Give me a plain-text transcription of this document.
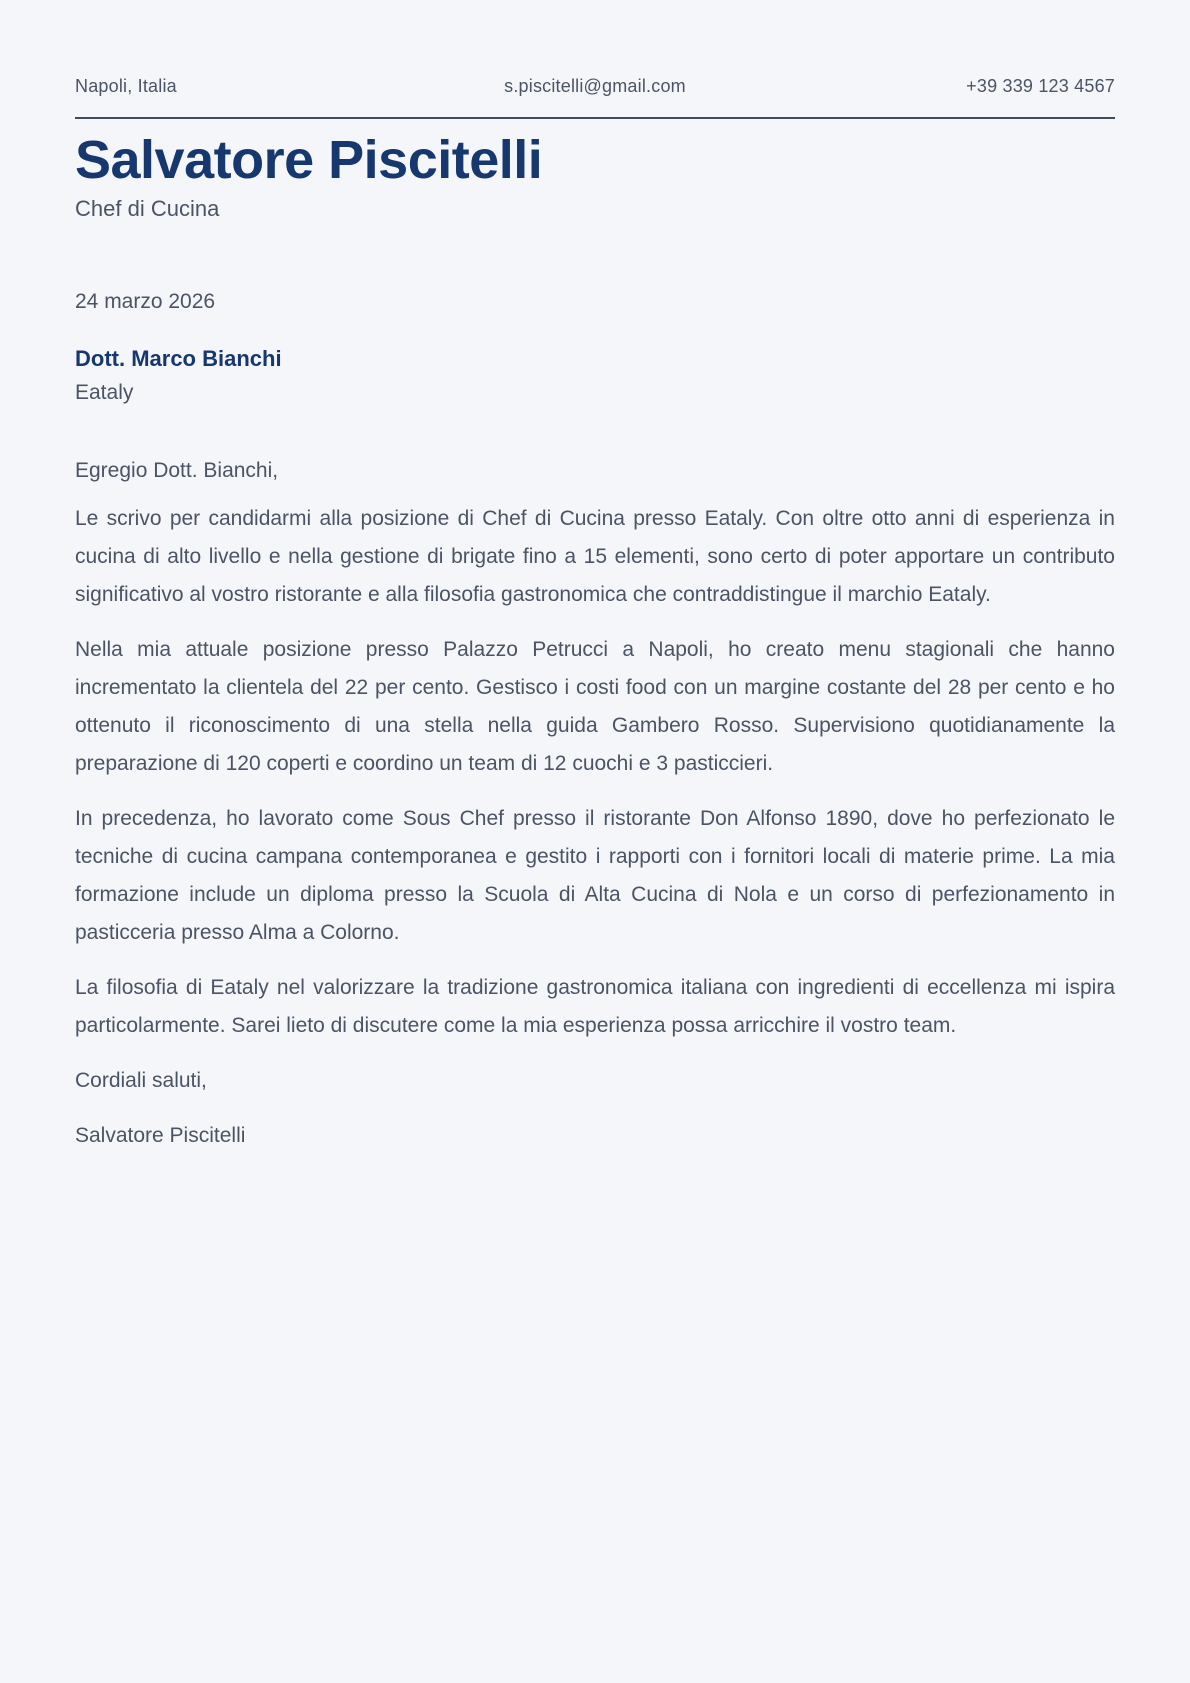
Napoli, Italia	s.piscitelli@gmail.com	+39 339 123 4567
Salvatore Piscitelli
Chef di Cucina
24 marzo 2026
Dott. Marco Bianchi
Eataly
Egregio Dott. Bianchi,

Le scrivo per candidarmi alla posizione di Chef di Cucina presso Eataly. Con oltre otto anni di esperienza in cucina di alto livello e nella gestione di brigate fino a 15 elementi, sono certo di poter apportare un contributo significativo al vostro ristorante e alla filosofia gastronomica che contraddistingue il marchio Eataly.

Nella mia attuale posizione presso Palazzo Petrucci a Napoli, ho creato menu stagionali che hanno incrementato la clientela del 22 per cento. Gestisco i costi food con un margine costante del 28 per cento e ho ottenuto il riconoscimento di una stella nella guida Gambero Rosso. Supervisiono quotidianamente la preparazione di 120 coperti e coordino un team di 12 cuochi e 3 pasticcieri.

In precedenza, ho lavorato come Sous Chef presso il ristorante Don Alfonso 1890, dove ho perfezionato le tecniche di cucina campana contemporanea e gestito i rapporti con i fornitori locali di materie prime. La mia formazione include un diploma presso la Scuola di Alta Cucina di Nola e un corso di perfezionamento in pasticceria presso Alma a Colorno.

La filosofia di Eataly nel valorizzare la tradizione gastronomica italiana con ingredienti di eccellenza mi ispira particolarmente. Sarei lieto di discutere come la mia esperienza possa arricchire il vostro team.

Cordiali saluti,

Salvatore Piscitelli
